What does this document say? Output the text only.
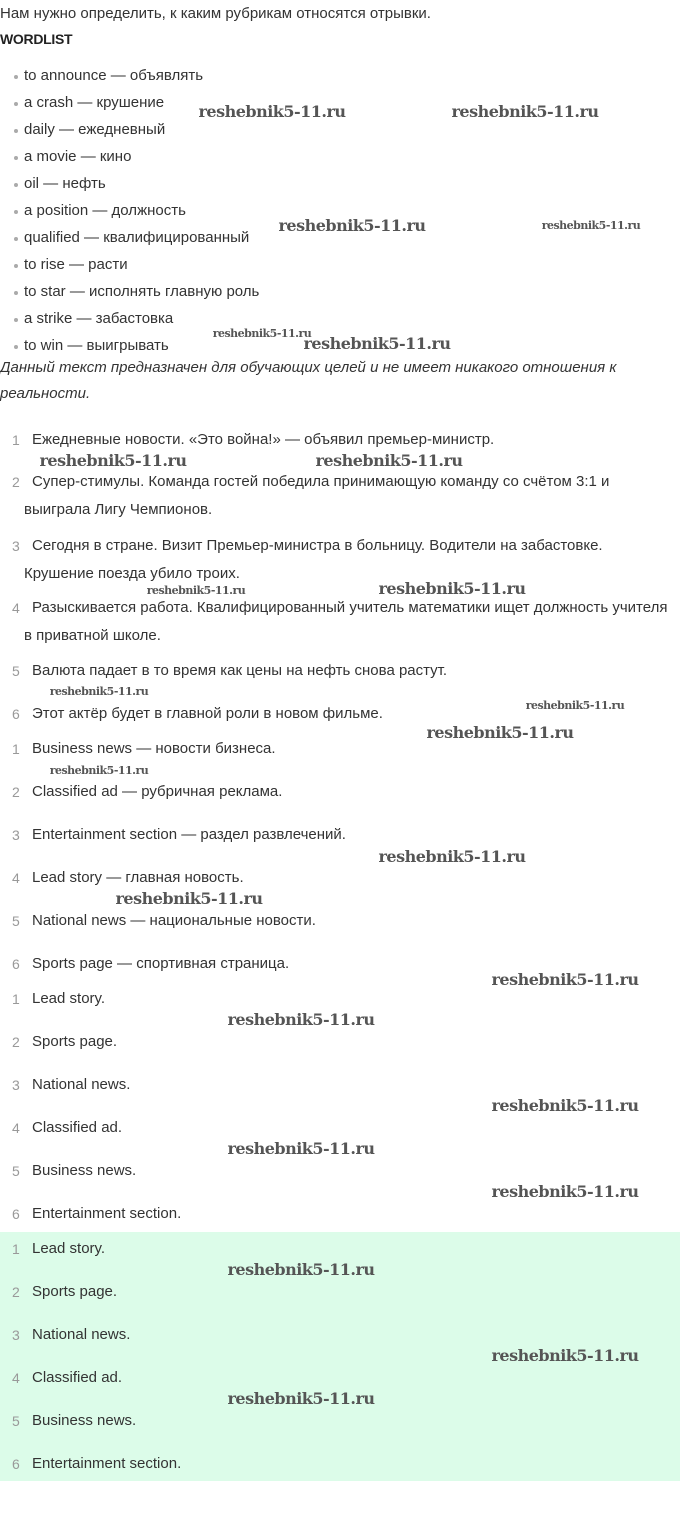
Нам нужно определить, к каким рубрикам относятся отрывки.
WORDLIST
to announce — объявлять
a crash — крушение
daily — ежедневный
a movie — кино
oil — нефть
a position — должность
qualified — квалифицированный
to rise — расти
to star — исполнять главную роль
a strike — забастовка
to win — выигрывать
Данный текст предназначен для обучающих целей и не имеет никакого отношения к реальности.
1 Ежедневные новости. «Это война!» — объявил премьер-министр.
2 Супер-стимулы. Команда гостей победила принимающую команду со счётом 3:1 и выиграла Лигу Чемпионов.
3 Сегодня в стране. Визит Премьер-министра в больницу. Водители на забастовке. Крушение поезда убило троих.
4 Разыскивается работа. Квалифицированный учитель математики ищет должность учителя в приватной школе.
5 Валюта падает в то время как цены на нефть снова растут.
6 Этот актёр будет в главной роли в новом фильме.
1 Business news — новости бизнеса.
2 Classified ad — рубричная реклама.
3 Entertainment section — раздел развлечений.
4 Lead story — главная новость.
5 National news — национальные новости.
6 Sports page — спортивная страница.
1 Lead story.
2 Sports page.
3 National news.
4 Classified ad.
5 Business news.
6 Entertainment section.
1 Lead story.
2 Sports page.
3 National news.
4 Classified ad.
5 Business news.
6 Entertainment section.
reshebnik5-11.ru	reshebnik5-11.ru
reshebnik5-11.ru	reshebnik5-11.ru
reshebnik5-11.ru
reshebnik5-11.ru
reshebnik5-11.ru	reshebnik5-11.ru
reshebnik5-11.ru	reshebnik5-11.ru
reshebnik5-11.ru
reshebnik5-11.ru
reshebnik5-11.ru
reshebnik5-11.ru
reshebnik5-11.ru
reshebnik5-11.ru
reshebnik5-11.ru
reshebnik5-11.ru
reshebnik5-11.ru
reshebnik5-11.ru
reshebnik5-11.ru
reshebnik5-11.ru
reshebnik5-11.ru
reshebnik5-11.ru
